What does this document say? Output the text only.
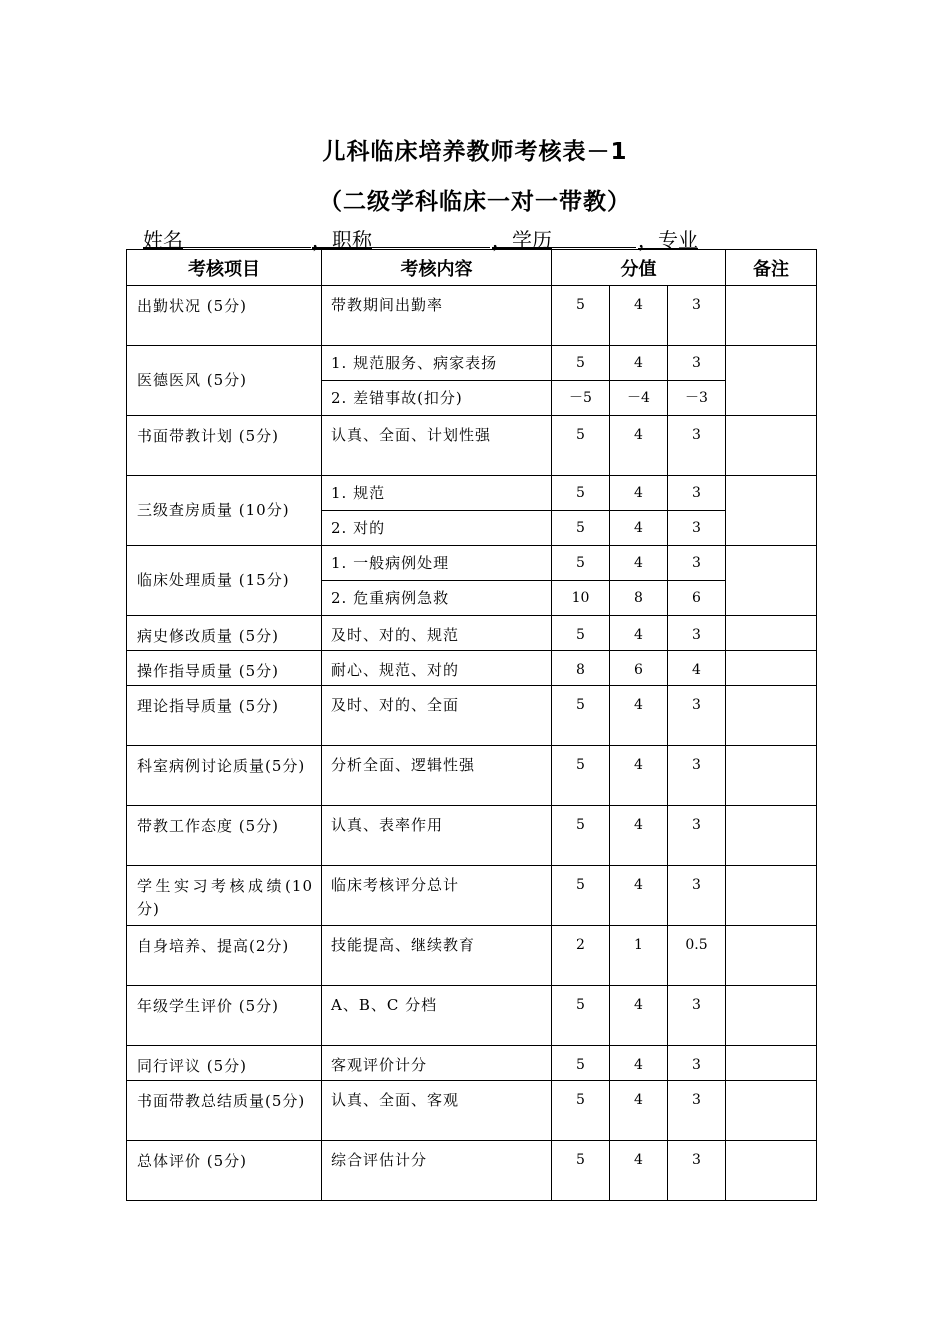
儿科临床培养教师考核表－1
（二级学科临床一对一带教）
姓名	，职称	，学历	，专业
考核项目	考核内容	分值			备注
出勤状况 (5分)	带教期间出勤率	5	4	3	
医德医风 (5分)	1. 规范服务、病家表扬	5	4	3	
	2. 差错事故(扣分)	－5	－4	－3	
书面带教计划 (5分)	认真、全面、计划性强	5	4	3	
三级查房质量 (10分)	1. 规范	5	4	3	
	2. 对的	5	4	3	
临床处理质量 (15分)	1. 一般病例处理	5	4	3	
	2. 危重病例急救	10	8	6	
病史修改质量 (5分)	及时、对的、规范	5	4	3	
操作指导质量 (5分)	耐心、规范、对的	8	6	4	
理论指导质量 (5分)	及时、对的、全面	5	4	3	
科室病例讨论质量(5分)	分析全面、逻辑性强	5	4	3	
带教工作态度 (5分)	认真、表率作用	5	4	3	
学生实习考核成绩(10分)	临床考核评分总计	5	4	3	
自身培养、提高(2分)	技能提高、继续教育	2	1	0.5	
年级学生评价 (5分)	A、B、C 分档	5	4	3	
同行评议 (5分)	客观评价计分	5	4	3	
书面带教总结质量(5分)	认真、全面、客观	5	4	3	
总体评价 (5分)	综合评估计分	5	4	3	
